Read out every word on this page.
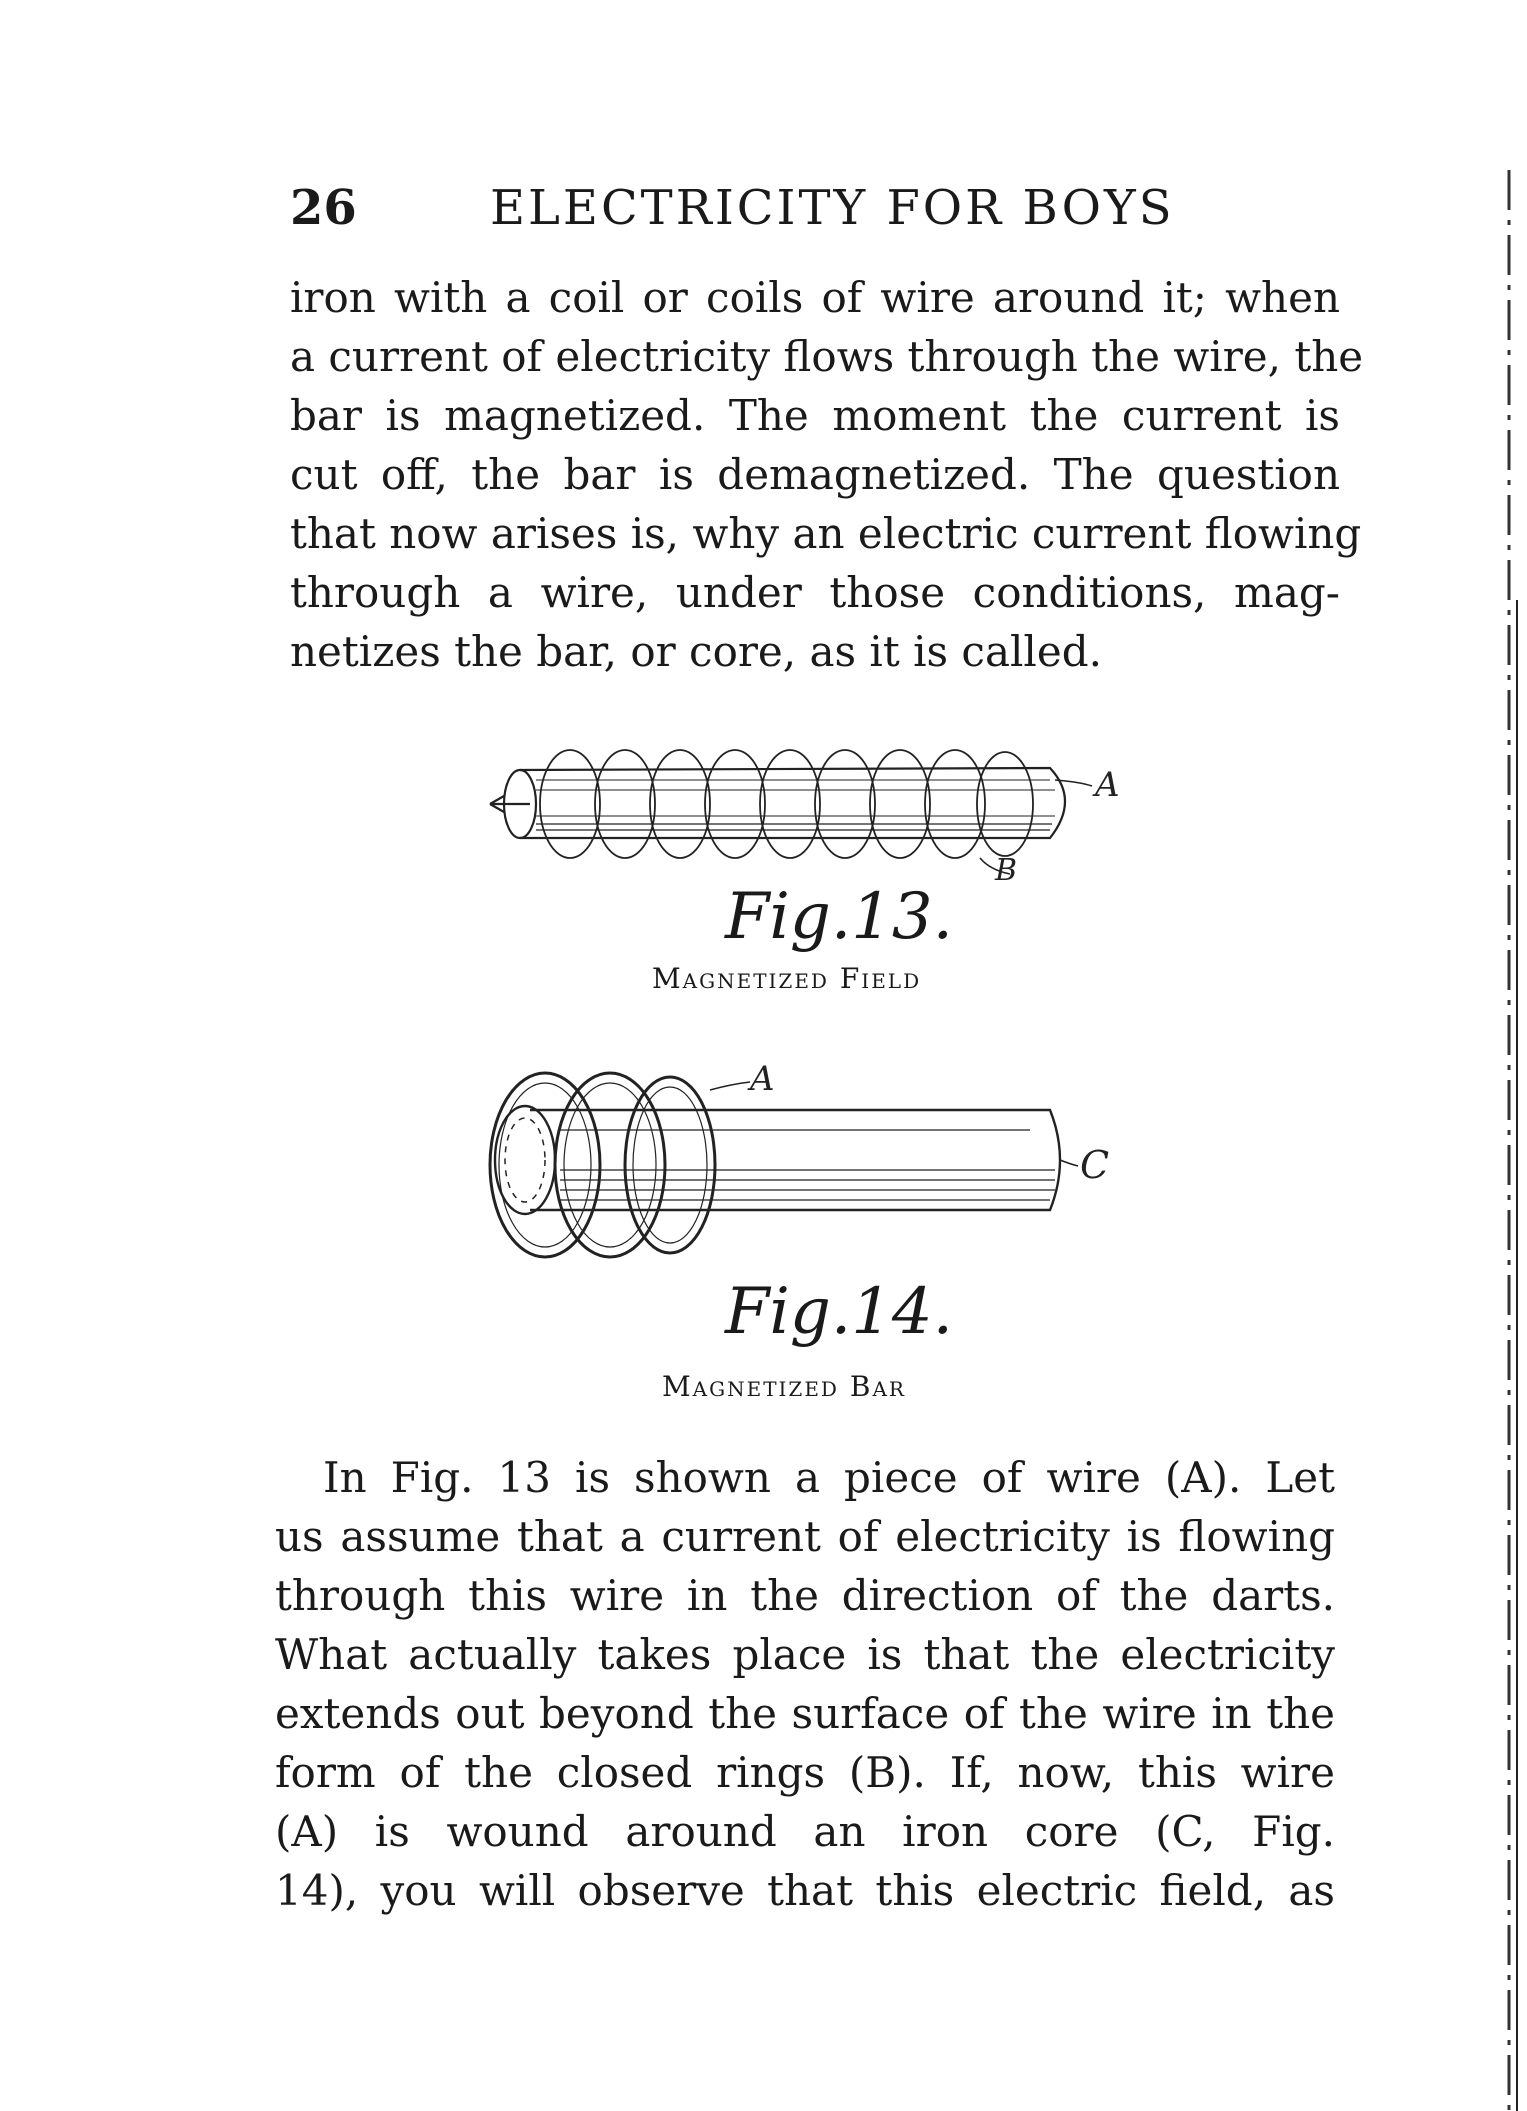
26	ELECTRICITY FOR BOYS

iron with a coil or coils of wire around it; when
a current of electricity flows through the wire, the
bar is magnetized. The moment the current is
cut off, the bar is demagnetized. The question
that now arises is, why an electric current flowing
through a wire, under those conditions, mag-
netizes the bar, or core, as it is called.

A
B
Fig.13.
Magnetized Field
A
C
Fig.14.
Magnetized Bar

In Fig. 13 is shown a piece of wire (A). Let
us assume that a current of electricity is flowing
through this wire in the direction of the darts.
What actually takes place is that the electricity
extends out beyond the surface of the wire in the
form of the closed rings (B). If, now, this wire
(A) is wound around an iron core (C, Fig.
14), you will observe that this electric field, as
